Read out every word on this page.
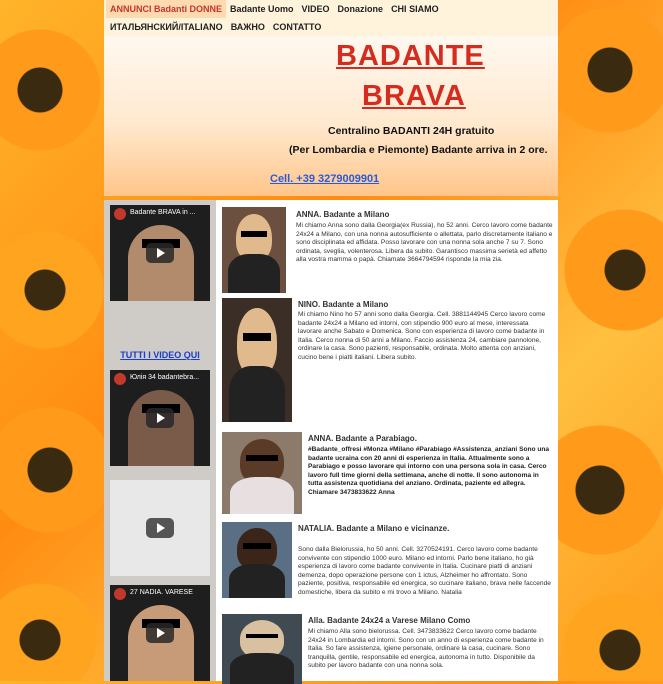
ANNUNCI Badanti DONNE Badante Uomo VIDEO Donazione CHI SIAMO
ИТАЛЬЯНСКИЙ/ITALIANO ВАЖНО CONTATTO
BADANTE
BRAVA
Centralino BADANTI 24H gratuito
(Per Lombardia e Piemonte) Badante arriva in 2 ore.
Cell. +39 3279009901
Badante BRAVA in ...
TUTTI I VIDEO QUI
Юлія 34 badantebra...
27 NADIA. VARESE
ANNA. Badante a Milano
Mi chiamo Anna sono dalla Georgia(ex Russia), ho 52 anni. Cerco lavoro come badante 24x24 a Milano, con una nonna autosufficiente o allettata, parlo discretamente italiano e sono disciplinata ed affidata. Posso lavorare con una nonna sola anche 7 su 7. Sono ordinata, sveglia, volenterosa. Libera da subito. Garantisco massima serietà ed affetto alla vostra mamma o papà. Chiamate 3664794594 risponde la mia zia.
NINO. Badante a Milano
Mi chiamo Nino ho 57 anni sono dalla Georgia. Cell. 3881144945 Cerco lavoro come badante 24x24 a Milano ed intorni, con stipendio 900 euro al mese, interessata lavorare anche Sabato e Domenica. Sono con esperienza di lavoro come badante in Italia. Cerco nonna di 50 anni a Milano. Faccio assistenza 24, cambiare pannolone, ordinare la casa. Sono pazienti, responsabile, ordinata. Molto attenta con anziani, cucino bene i piatti italiani. Libera subito.
ANNA. Badante a Parabiago.
#Badante_offresi #Monza #Milano #Parabiago #Assistenza_anziani Sono una badante ucraina con 20 anni di esperienza in Italia. Attualmente sono a Parabiago e posso lavorare qui intorno con una persona sola in casa. Cerco lavoro full time giorni della settimana, anche di notte. Il sono autonoma in tutta assistenza quotidiana del anziano. Ordinata, paziente ed allegra. Chiamare 3473833622 Anna
NATALIA. Badante a Milano e vicinanze.
Sono dalla Bielorussia, ho 50 anni. Cell. 3270524191. Cerco lavoro come badante convivente con stipendio 1000 euro. Milano ed intorni. Parlo bene italiano, ho già esperienza di lavoro come badante convivente in Italia. Cucinare piatti di anziani demenza, dopo operazione persone con 1 ictus, Alzheimer ho affrontato. Sono paziente, positiva, responsabile ed energica, so cucinare italiano, brava nelle faccende domestiche, libera da subito e mi trovo a Milano. Natalia
Alla. Badante 24x24 a Varese Milano Como
Mi chiamo Alla sono bielorussa. Cell. 3473833622 Cerco lavoro come badante 24x24 in Lombardia ed intorni. Sono con un anno di esperienza come badante in Italia. So fare assistenza, igiene personale, ordinare la casa, cucinare. Sono tranquilla, gentile, responsabile ed energica, autonoma in tutto. Disponibile da subito per lavoro badante con una nonna sola.
